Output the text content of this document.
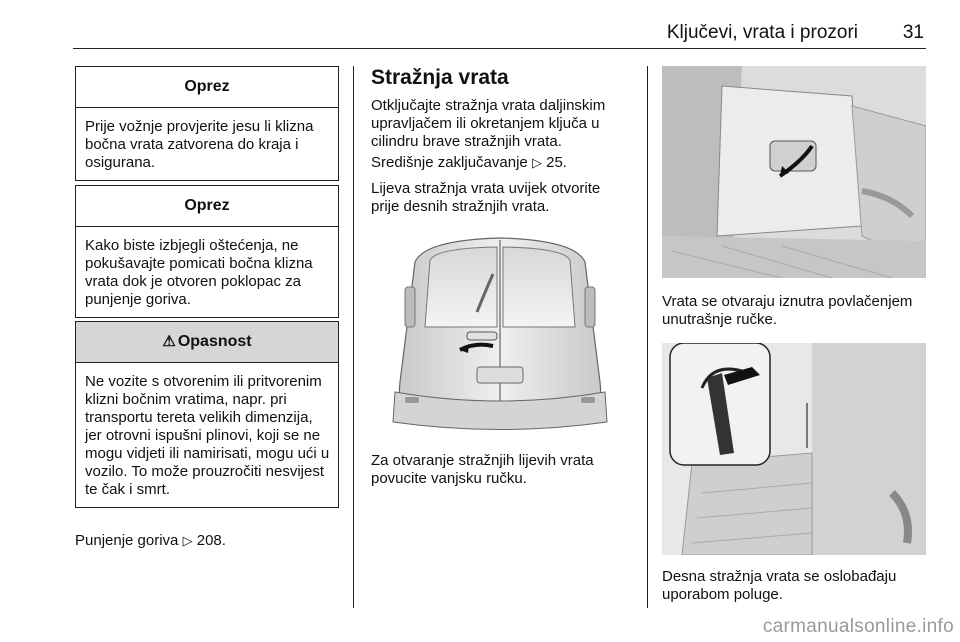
Ključevi, vrata i prozori	31
Oprez
Prije vožnje provjerite jesu li klizna bočna vrata zatvorena do kraja i osigurana.
Oprez
Kako biste izbjegli oštećenja, ne pokušavajte pomicati bočna klizna vrata dok je otvoren poklopac za punjenje goriva.
⚠ Opasnost
Ne vozite s otvorenim ili pritvorenim klizni bočnim vratima, napr. pri transportu tereta velikih dimenzija, jer otrovni ispušni plinovi, koji se ne mogu vidjeti ili namirisati, mogu ući u vozilo. To može prouzročiti nesvijest te čak i smrt.
Punjenje goriva ▷ 208.
Stražnja vrata
Otključajte stražnja vrata daljinskim upravljačem ili okretanjem ključa u cilindru brave stražnjih vrata.
Središnje zaključavanje ▷ 25.
Lijeva stražnja vrata uvijek otvorite prije desnih stražnjih vrata.
Za otvaranje stražnjih lijevih vrata povucite vanjsku ručku.
Vrata se otvaraju iznutra povlačenjem unutrašnje ručke.
Desna stražnja vrata se oslobađaju uporabom poluge.
carmanualsonline.info
